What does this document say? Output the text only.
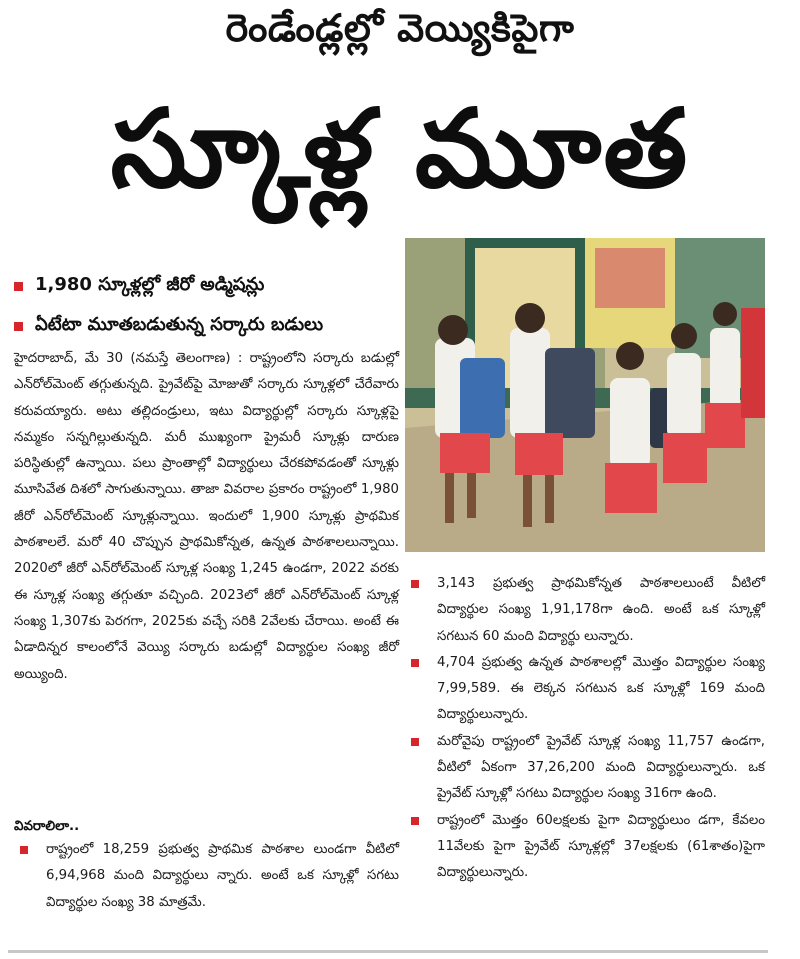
రెండేండ్లల్లో వెయ్యికిపైగా
స్కూళ్ల మూత
1,980 స్కూళ్లల్లో జీరో అడ్మిషన్లు
ఏటేటా మూతబడుతున్న సర్కారు బడులు

హైదరాబాద్, మే 30 (నమస్తే తెలంగాణ) : రాష్ట్రంలోని సర్కారు బడుల్లో ఎన్‌రోల్‌మెంట్ తగ్గుతున్నది. ప్రైవేట్‌పై మోజుతో సర్కారు స్కూళ్లలో చేరేవారు కరువయ్యారు. అటు తల్లిదండ్రులు, ఇటు విద్యార్థుల్లో సర్కారు స్కూళ్లపై నమ్మకం సన్నగిల్లుతున్నది. మరీ ముఖ్యంగా ప్రైమరీ స్కూళ్లు దారుణ పరిస్థితుల్లో ఉన్నాయి. పలు ప్రాంతాల్లో విద్యార్థులు చేరకపోవడంతో స్కూళ్లు మూసివేత దిశలో సాగుతున్నాయి. తాజా వివరాల ప్రకారం రాష్ట్రంలో 1,980 జీరో ఎన్‌రోల్‌మెంట్ స్కూళ్లున్నాయి. ఇందులో 1,900 స్కూళ్లు ప్రాథమిక పాఠశాలలే. మరో 40 చొప్పున ప్రాథమికోన్నత, ఉన్నత పాఠశాలలున్నాయి. 2020లో జీరో ఎన్‌రోల్‌మెంట్ స్కూళ్ల సంఖ్య 1,245 ఉండగా, 2022 వరకు ఈ స్కూళ్ల సంఖ్య తగ్గుతూ వచ్చింది. 2023లో జీరో ఎన్‌రోల్‌మెంట్ స్కూళ్ల సంఖ్య 1,307కు పెరగగా, 2025కు వచ్చే సరికి 2వేలకు చేరాయి. అంటే ఈ ఏడాదిన్నర కాలంలోనే వెయ్యి సర్కారు బడుల్లో విద్యార్థుల సంఖ్య జీరో అయ్యింది.

వివరాలిలా..
రాష్ట్రంలో 18,259 ప్రభుత్వ ప్రాథమిక పాఠశాల లుండగా వీటిలో 6,94,968 మంది విద్యార్థులు న్నారు. అంటే ఒక స్కూళ్లో సగటు విద్యార్థుల సంఖ్య 38 మాత్రమే.
3,143 ప్రభుత్వ ప్రాథమికోన్నత పాఠశాలలుంటే వీటిలో విద్యార్థుల సంఖ్య 1,91,178గా ఉంది. అంటే ఒక స్కూళ్లో సగటున 60 మంది విద్యార్థు లున్నారు.
4,704 ప్రభుత్వ ఉన్నత పాఠశాలల్లో మొత్తం విద్యార్థుల సంఖ్య 7,99,589. ఈ లెక్కన సగటున ఒక స్కూళ్లో 169 మంది విద్యార్థులున్నారు.
మరోవైపు రాష్ట్రంలో ప్రైవేట్ స్కూళ్ల సంఖ్య 11,757 ఉండగా, వీటిలో ఏకంగా 37,26,200 మంది విద్యార్థులున్నారు. ఒక ప్రైవేట్ స్కూళ్లో సగటు విద్యార్థుల సంఖ్య 316గా ఉంది.
రాష్ట్రంలో మొత్తం 60లక్షలకు పైగా విద్యార్థులుం డగా, కేవలం 11వేలకు పైగా ప్రైవేట్ స్కూళ్లల్లో 37లక్షలకు (61శాతం)పైగా విద్యార్థులున్నారు.
